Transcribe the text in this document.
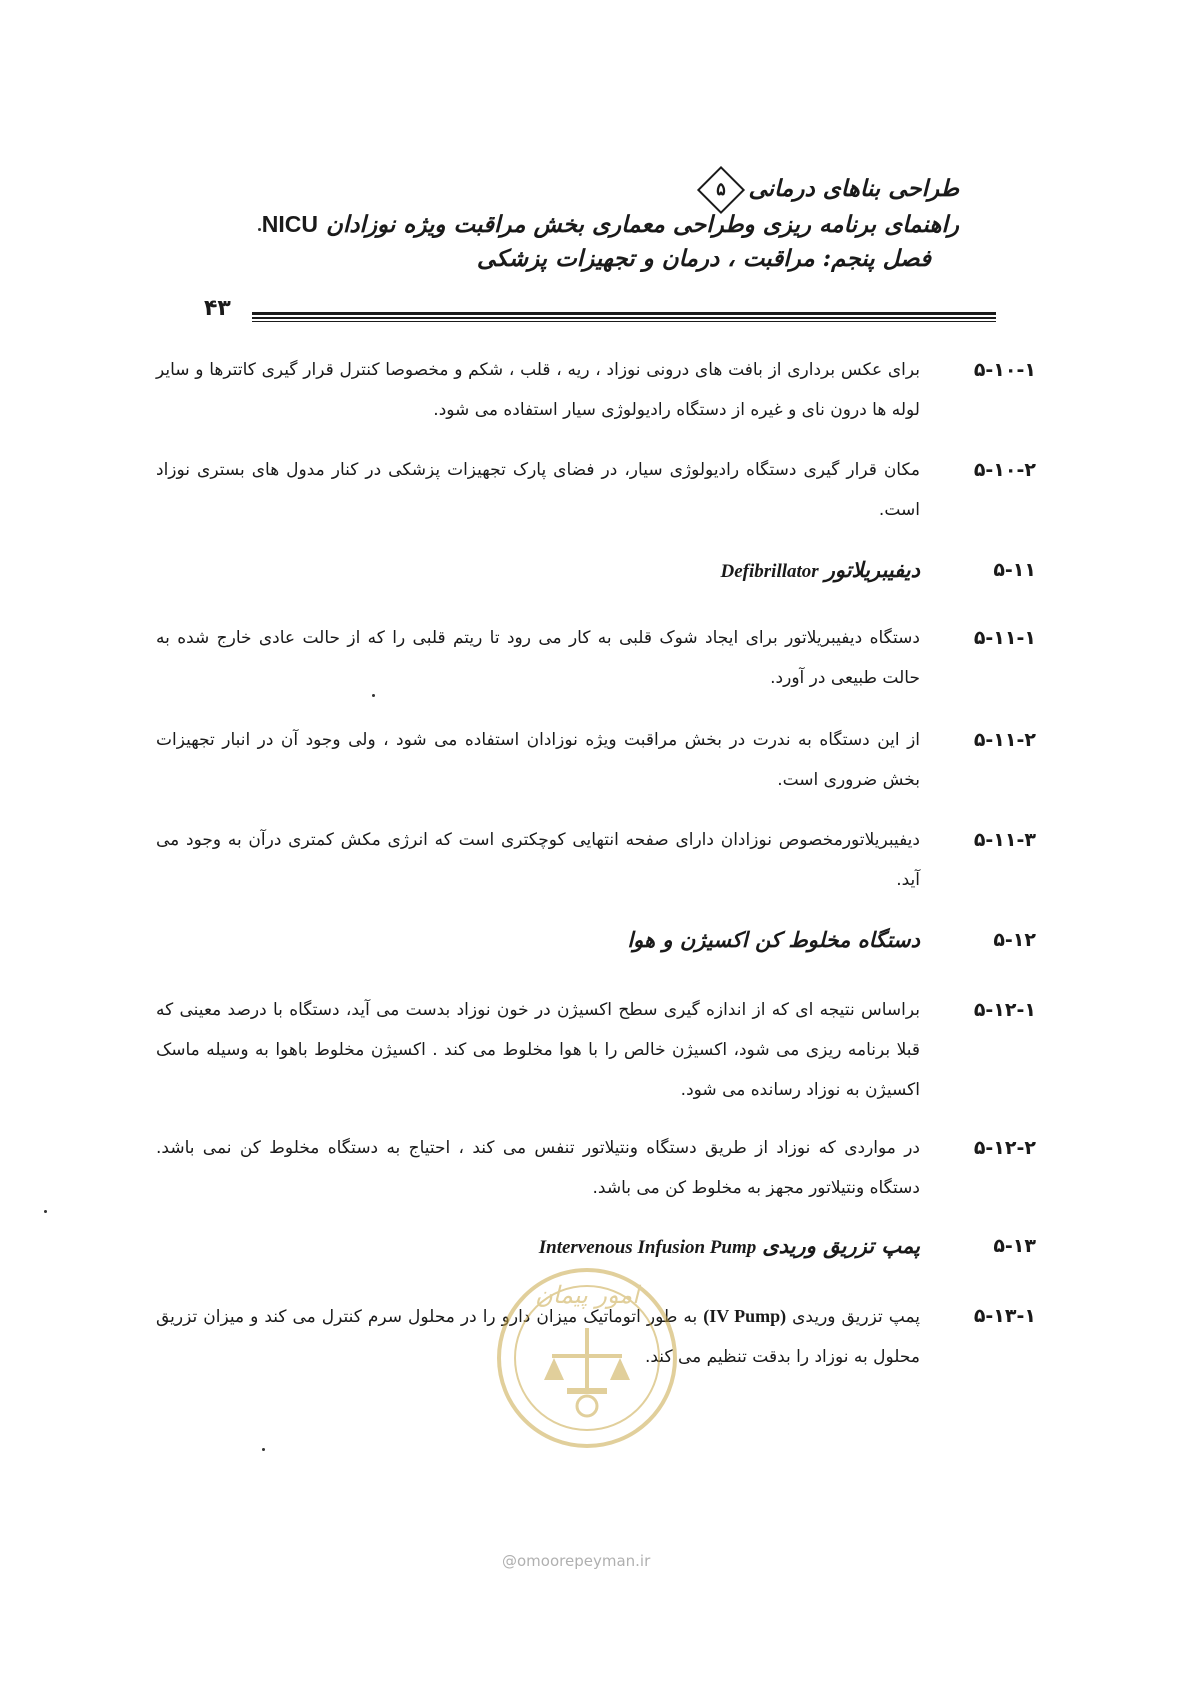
طراحی بناهای درمانی
۵
راهنمای برنامه ریزی وطراحی معماری بخش مراقبت ویژه نوزادان NICU
فصل پنجم: مراقبت ، درمان و تجهیزات پزشکی
۴۳
۵-۱۰-۱
برای عکس برداری از بافت های درونی نوزاد ، ریه ، قلب ، شکم و مخصوصا کنترل قرار گیری کاتترها و سایر لوله ها درون نای و غیره از دستگاه رادیولوژی سیار استفاده می شود.
۵-۱۰-۲
مکان قرار گیری دستگاه رادیولوژی سیار، در فضای پارک تجهیزات پزشکی در کنار مدول های بستری نوزاد است.
۵-۱۱
دیفیبریلاتورDefibrillator
۵-۱۱-۱
دستگاه دیفیبریلاتور برای ایجاد شوک قلبی به کار می رود تا ریتم قلبی را که از حالت عادی خارج شده به حالت طبیعی در آورد.
۵-۱۱-۲
از این دستگاه به ندرت در بخش مراقبت ویژه نوزادان استفاده می شود ، ولی وجود آن در انبار تجهیزات بخش ضروری است.
۵-۱۱-۳
دیفیبریلاتورمخصوص نوزادان دارای صفحه انتهایی کوچکتری است که انرژی مکش کمتری درآن به وجود می آید.
۵-۱۲
دستگاه مخلوط کن اکسیژن و هوا
۵-۱۲-۱
براساس نتیجه ای که از اندازه گیری سطح اکسیژن در خون نوزاد بدست می آید، دستگاه با درصد معینی که قبلا برنامه ریزی می شود، اکسیژن خالص را با هوا مخلوط می کند . اکسیژن مخلوط باهوا به وسیله ماسک اکسیژن به نوزاد رسانده می شود.
۵-۱۲-۲
در مواردی که نوزاد از طریق دستگاه ونتیلاتور تنفس می کند ، احتیاج به دستگاه مخلوط کن نمی باشد. دستگاه ونتیلاتور مجهز به مخلوط کن می باشد.
۵-۱۳
پمپ تزریق وریدیIntervenous Infusion Pump
۵-۱۳-۱
پمپ تزریق وریدی (IV Pump) به طور اتوماتیک میزان دارو را در محلول سرم کنترل می کند و میزان تزریق محلول به نوزاد را بدقت تنظیم می کند.
امور پیمان
@omoorepeyman.ir
